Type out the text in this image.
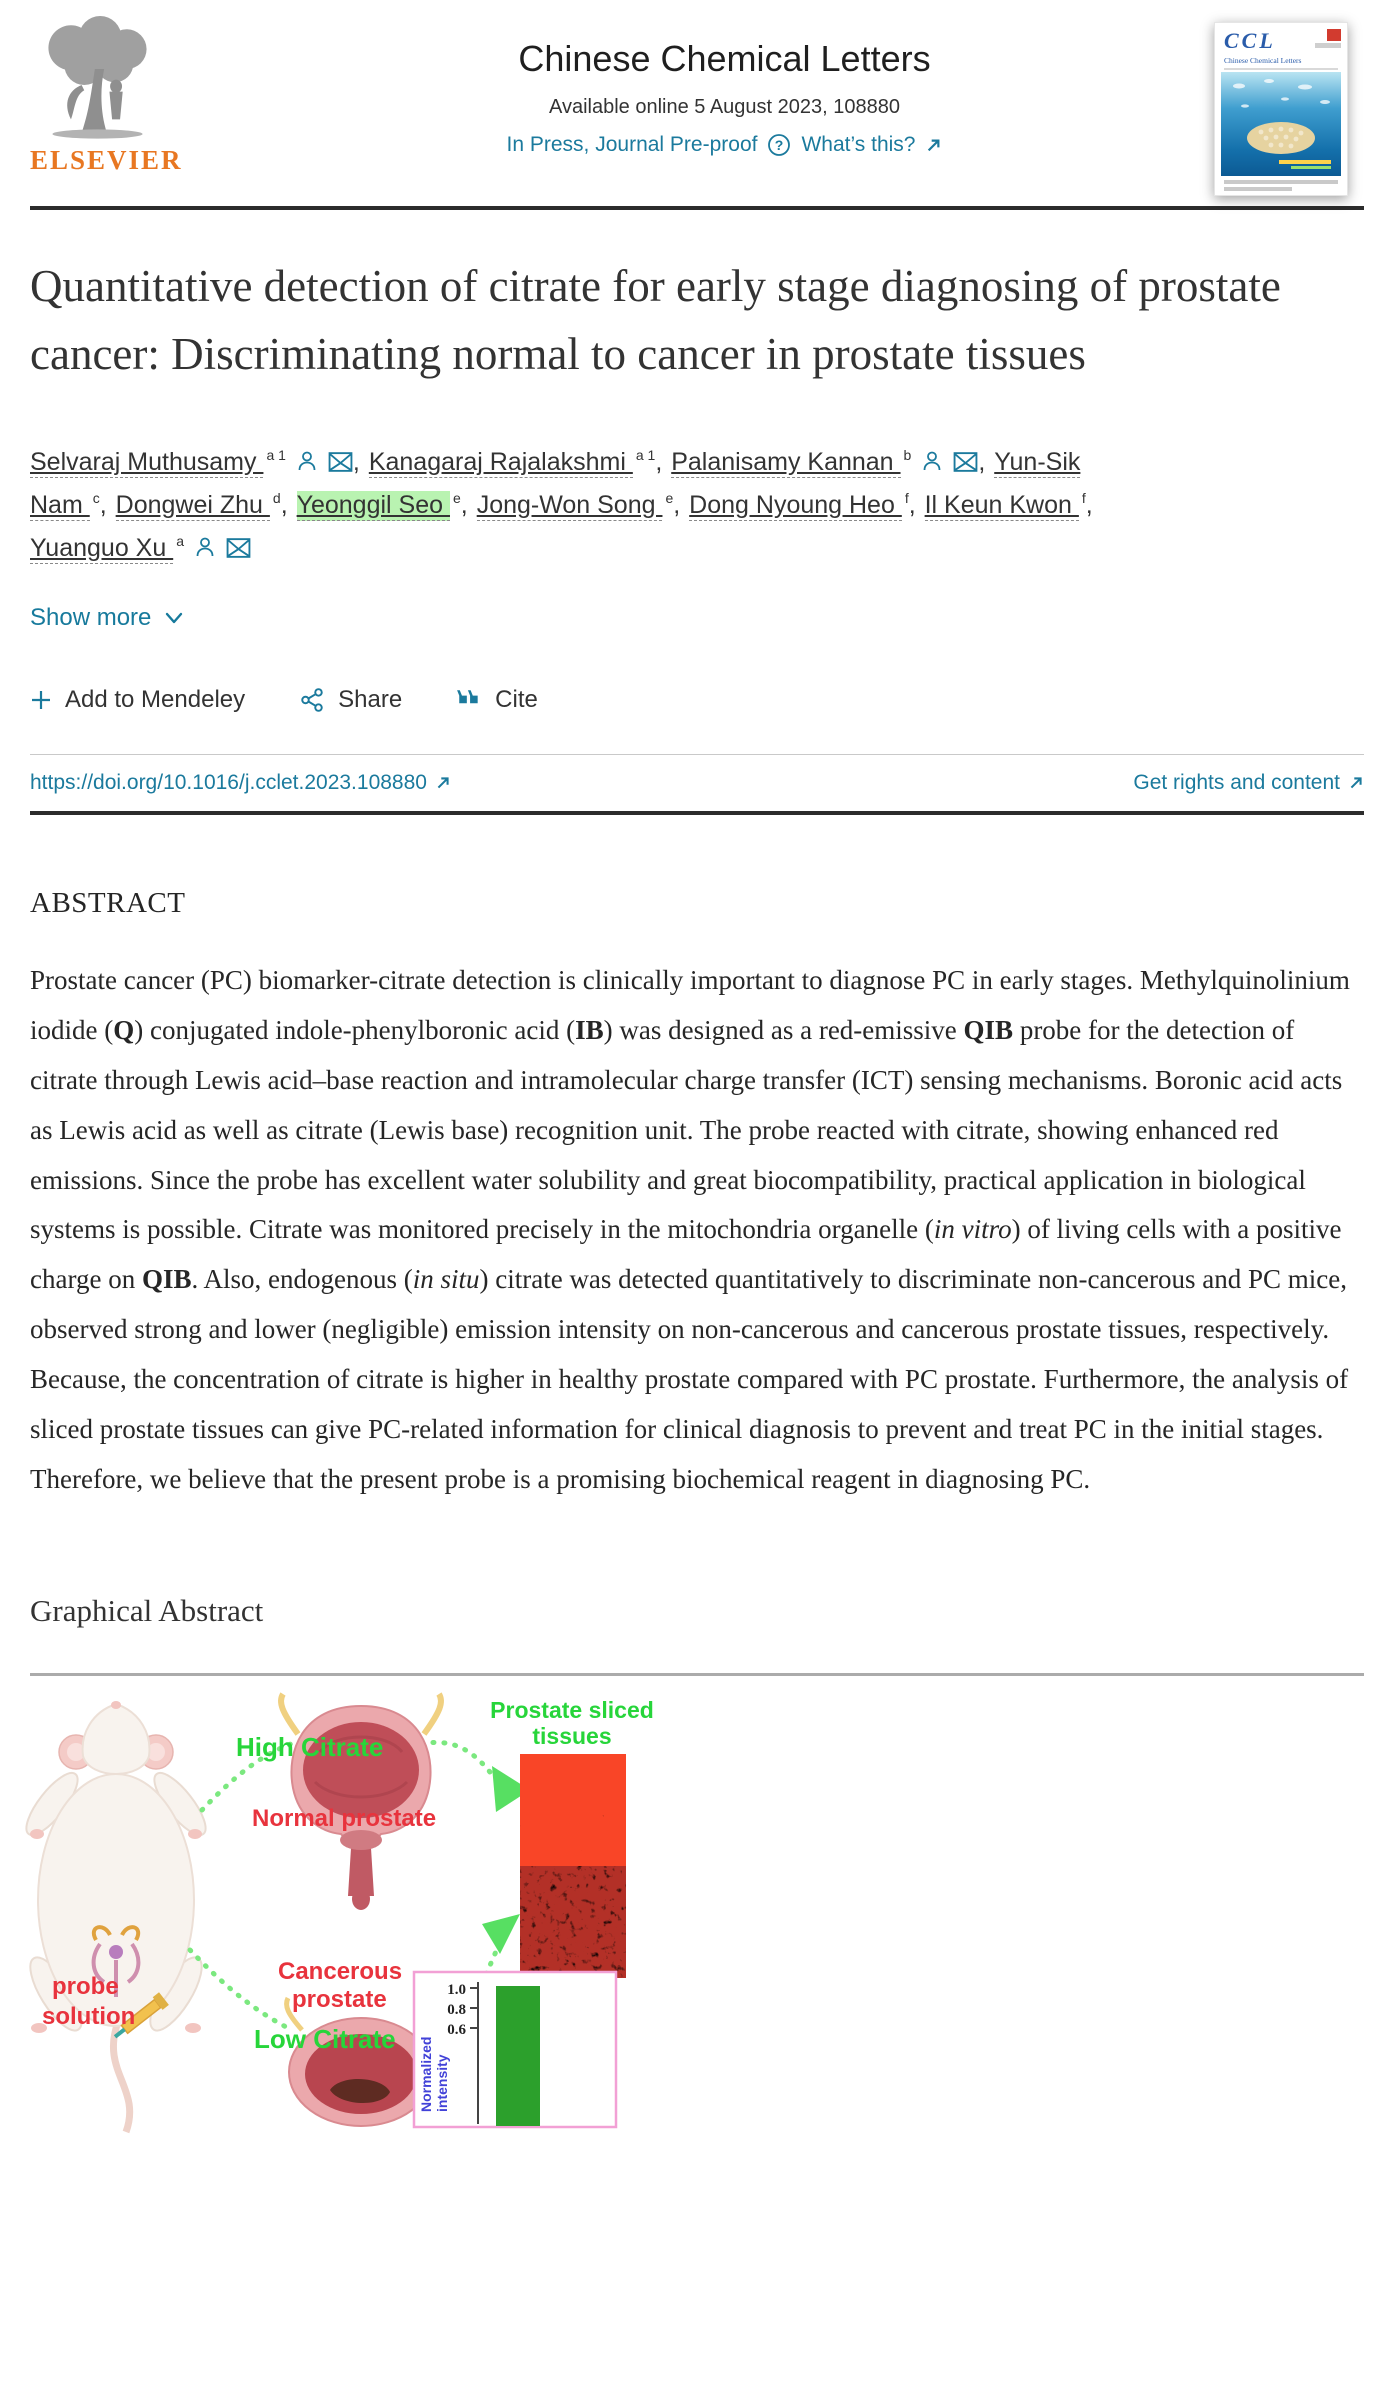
ELSEVIER
Chinese Chemical Letters
Available online 5 August 2023, 108880
In Press, Journal Pre-proof ? What’s this?
CCL
Chinese Chemical Letters
Quantitative detection of citrate for early stage diagnosing of prostate cancer: Discriminating normal to cancer in prostate tissues
Selvaraj Muthusamy $^{a 1}$	, Kanagaraj Rajalakshmi $^{a 1}$, Palanisamy Kannan $^b$	, Yun-Sik Nam $^c$, Dongwei Zhu $^d$, Yeonggil Seo $^e$, Jong-Won Song $^e$, Dong Nyoung Heo $^f$, Il Keun Kwon $^f$, Yuanguo Xu $^a$
Show more
Add to Mendeley	Share	Cite
https://doi.org/10.1016/j.cclet.2023.108880	Get rights and content
ABSTRACT

Prostate cancer (PC) biomarker-citrate detection is clinically important to diagnose PC in early stages. Methylquinolinium iodide (Q) conjugated indole-phenylboronic acid (IB) was designed as a red-emissive QIB probe for the detection of citrate through Lewis acid–base reaction and intramolecular charge transfer (ICT) sensing mechanisms. Boronic acid acts as Lewis acid as well as citrate (Lewis base) recognition unit. The probe reacted with citrate, showing enhanced red emissions. Since the probe has excellent water solubility and great biocompatibility, practical application in biological systems is possible. Citrate was monitored precisely in the mitochondria organelle (in vitro) of living cells with a positive charge on QIB. Also, endogenous (in situ) citrate was detected quantitatively to discriminate non-cancerous and PC mice, observed strong and lower (negligible) emission intensity on non-cancerous and cancerous prostate tissues, respectively. Because, the concentration of citrate is higher in healthy prostate compared with PC prostate. Furthermore, the analysis of sliced prostate tissues can give PC-related information for clinical diagnosis to prevent and treat PC in the initial stages. Therefore, we believe that the present probe is a promising biochemical reagent in diagnosing PC.

Graphical Abstract
probe
solution
High Citrate
Normal prostate
Cancerous
prostate
Low Citrate
Prostate sliced
tissues
Normalized intensity
1.0
0.8
0.6
